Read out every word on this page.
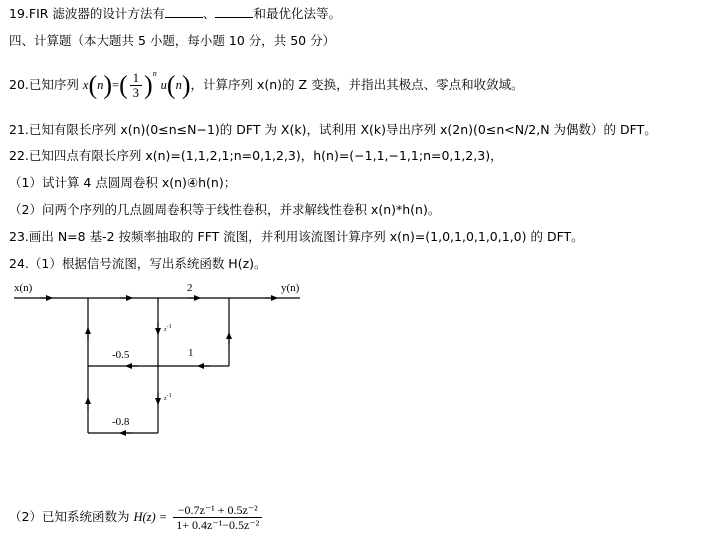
19.FIR 滤波器的设计方法有	、	和最优化法等。
四、计算题（本大题共 5 小题，每小题 10 分，共 50 分）
20.已知序列 $x(n)=( \frac{1}{3} )^n$ u(n)，计算序列 x(n)的 Z 变换，并指出其极点、零点和收敛域。
21.已知有限长序列 x(n)(0≤n≤N−1)的 DFT 为 X(k)，试利用 X(k)导出序列 x(2n)(0≤n<N/2,N 为偶数）的 DFT。
22.已知四点有限长序列 x(n)=(1,1,2,1;n=0,1,2,3)，h(n)=(−1,1,−1,1;n=0,1,2,3)，
（1）试计算 4 点圆周卷积 x(n)④h(n)；
（2）问两个序列的几点圆周卷积等于线性卷积，并求解线性卷积 x(n)*h(n)。
23.画出 N=8 基-2 按频率抽取的 FFT 流图，并利用该流图计算序列 x(n)=(1,0,1,0,1,0,1,0) 的 DFT。
24.（1）根据信号流图，写出系统函数 H(z)。
x(n)	y(n)
2
-0.5	1
-0.8
z-1
z-1
（2）已知系统函数为 $H(z) = \frac{\text{−0.7z⁻¹ + 0.5z⁻²}}{\text{1+ 0.4z⁻¹−0.5z⁻²}}$
